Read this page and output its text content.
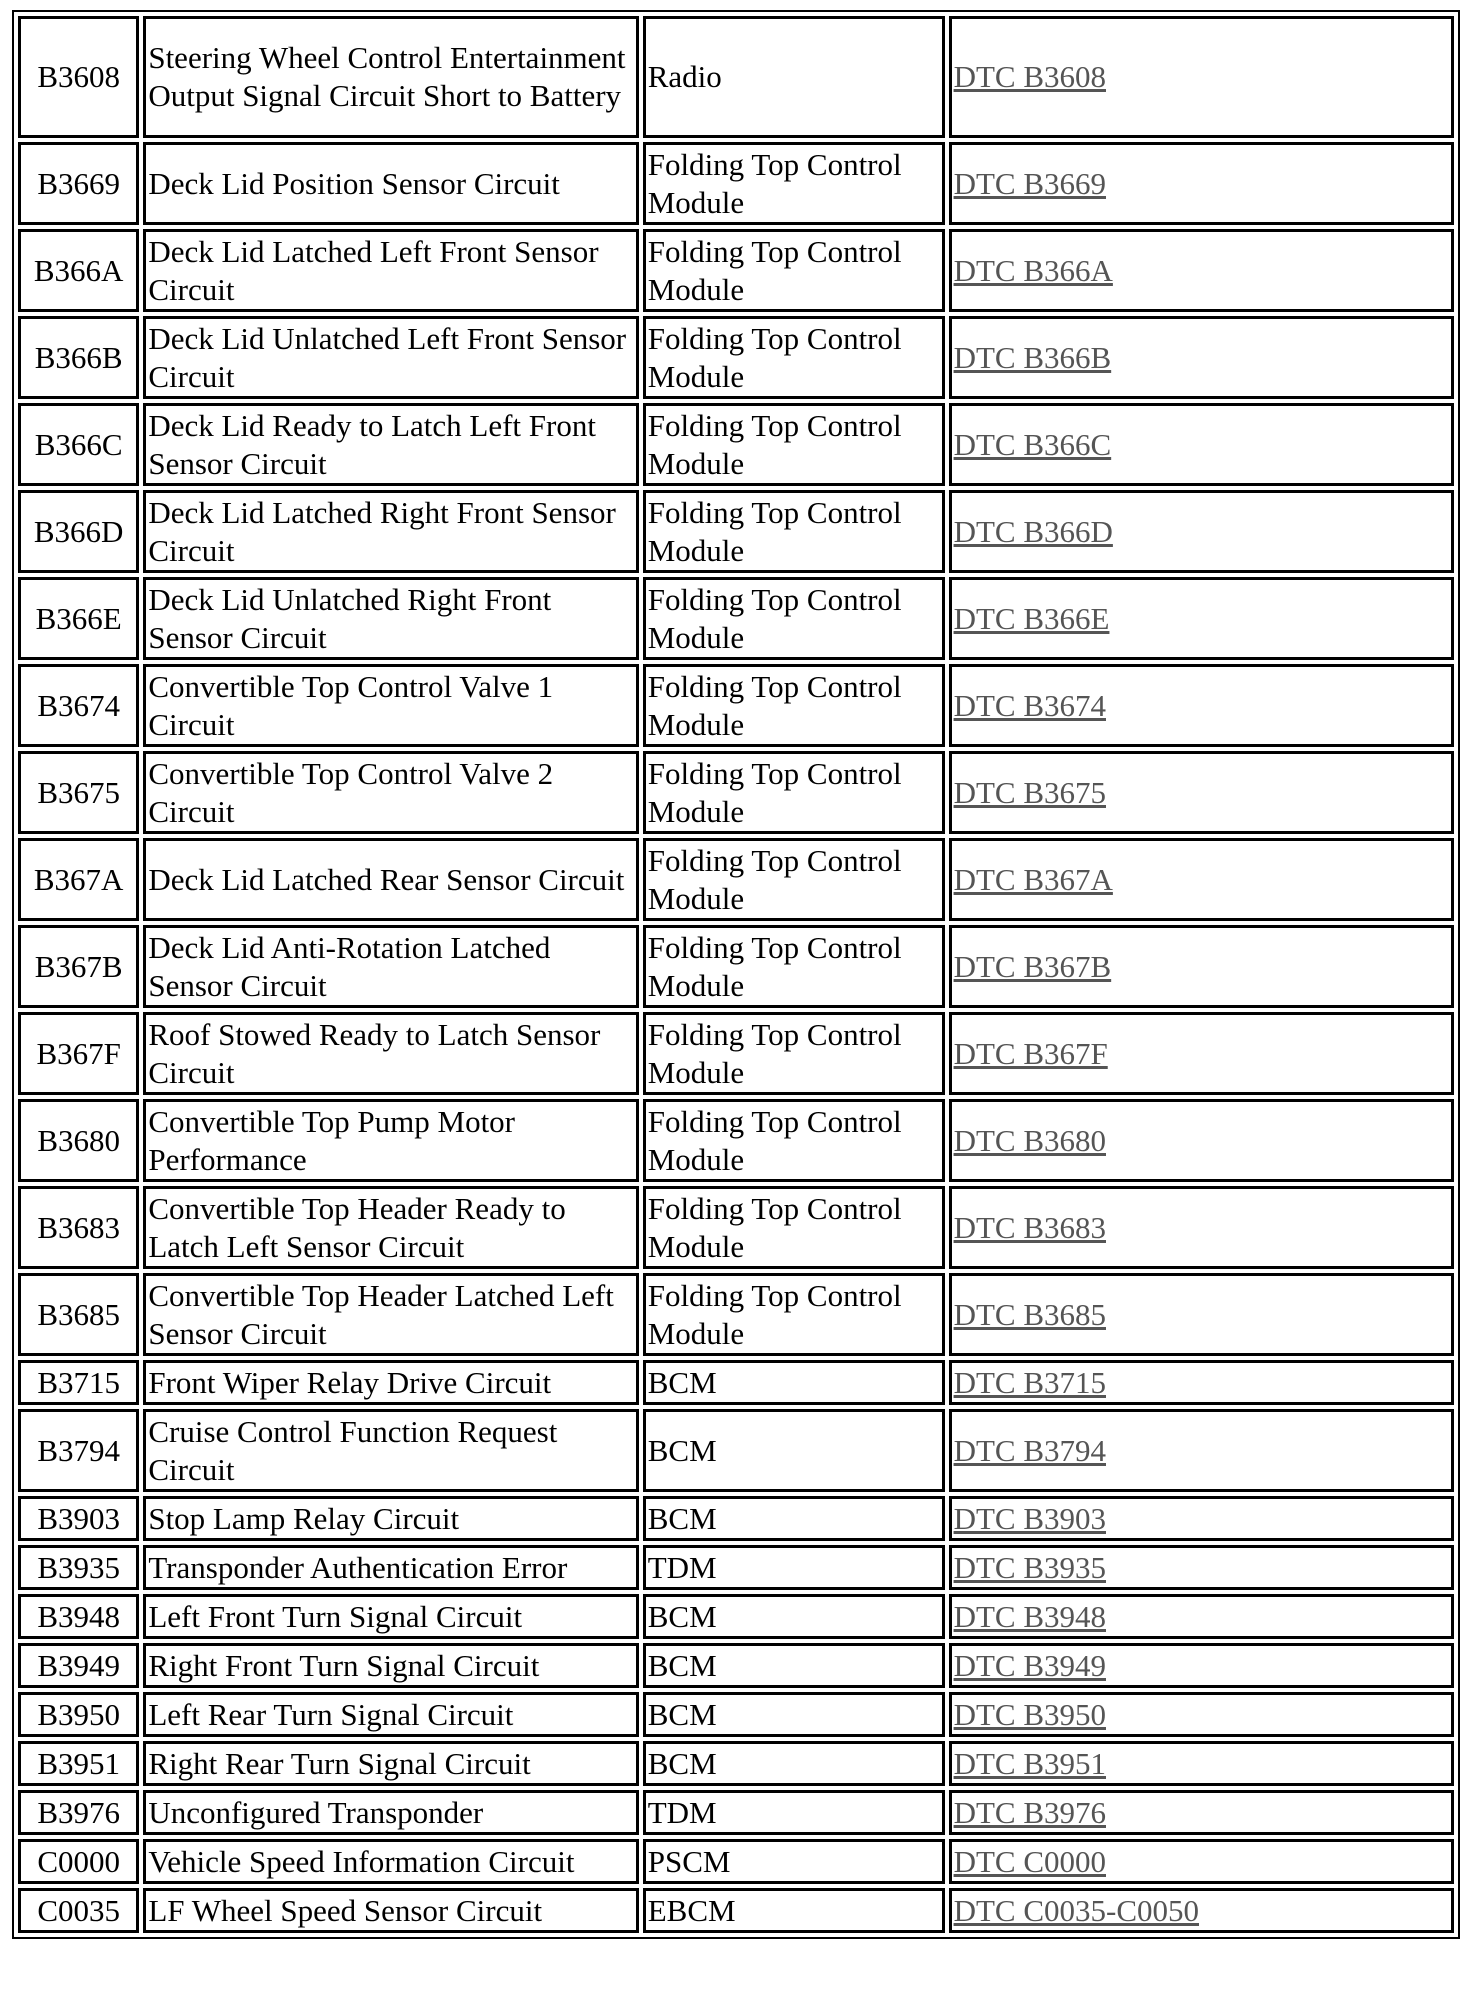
B3608	Steering Wheel Control Entertainment Output Signal Circuit Short to Battery	Radio	DTC B3608
B3669	Deck Lid Position Sensor Circuit	Folding Top Control Module	DTC B3669
B366A	Deck Lid Latched Left Front Sensor Circuit	Folding Top Control Module	DTC B366A
B366B	Deck Lid Unlatched Left Front Sensor Circuit	Folding Top Control Module	DTC B366B
B366C	Deck Lid Ready to Latch Left Front Sensor Circuit	Folding Top Control Module	DTC B366C
B366D	Deck Lid Latched Right Front Sensor Circuit	Folding Top Control Module	DTC B366D
B366E	Deck Lid Unlatched Right Front Sensor Circuit	Folding Top Control Module	DTC B366E
B3674	Convertible Top Control Valve 1 Circuit	Folding Top Control Module	DTC B3674
B3675	Convertible Top Control Valve 2 Circuit	Folding Top Control Module	DTC B3675
B367A	Deck Lid Latched Rear Sensor Circuit	Folding Top Control Module	DTC B367A
B367B	Deck Lid Anti-Rotation Latched Sensor Circuit	Folding Top Control Module	DTC B367B
B367F	Roof Stowed Ready to Latch Sensor Circuit	Folding Top Control Module	DTC B367F
B3680	Convertible Top Pump Motor Performance	Folding Top Control Module	DTC B3680
B3683	Convertible Top Header Ready to Latch Left Sensor Circuit	Folding Top Control Module	DTC B3683
B3685	Convertible Top Header Latched Left Sensor Circuit	Folding Top Control Module	DTC B3685
B3715	Front Wiper Relay Drive Circuit	BCM	DTC B3715
B3794	Cruise Control Function Request Circuit	BCM	DTC B3794
B3903	Stop Lamp Relay Circuit	BCM	DTC B3903
B3935	Transponder Authentication Error	TDM	DTC B3935
B3948	Left Front Turn Signal Circuit	BCM	DTC B3948
B3949	Right Front Turn Signal Circuit	BCM	DTC B3949
B3950	Left Rear Turn Signal Circuit	BCM	DTC B3950
B3951	Right Rear Turn Signal Circuit	BCM	DTC B3951
B3976	Unconfigured Transponder	TDM	DTC B3976
C0000	Vehicle Speed Information Circuit	PSCM	DTC C0000
C0035	LF Wheel Speed Sensor Circuit	EBCM	DTC C0035-C0050
